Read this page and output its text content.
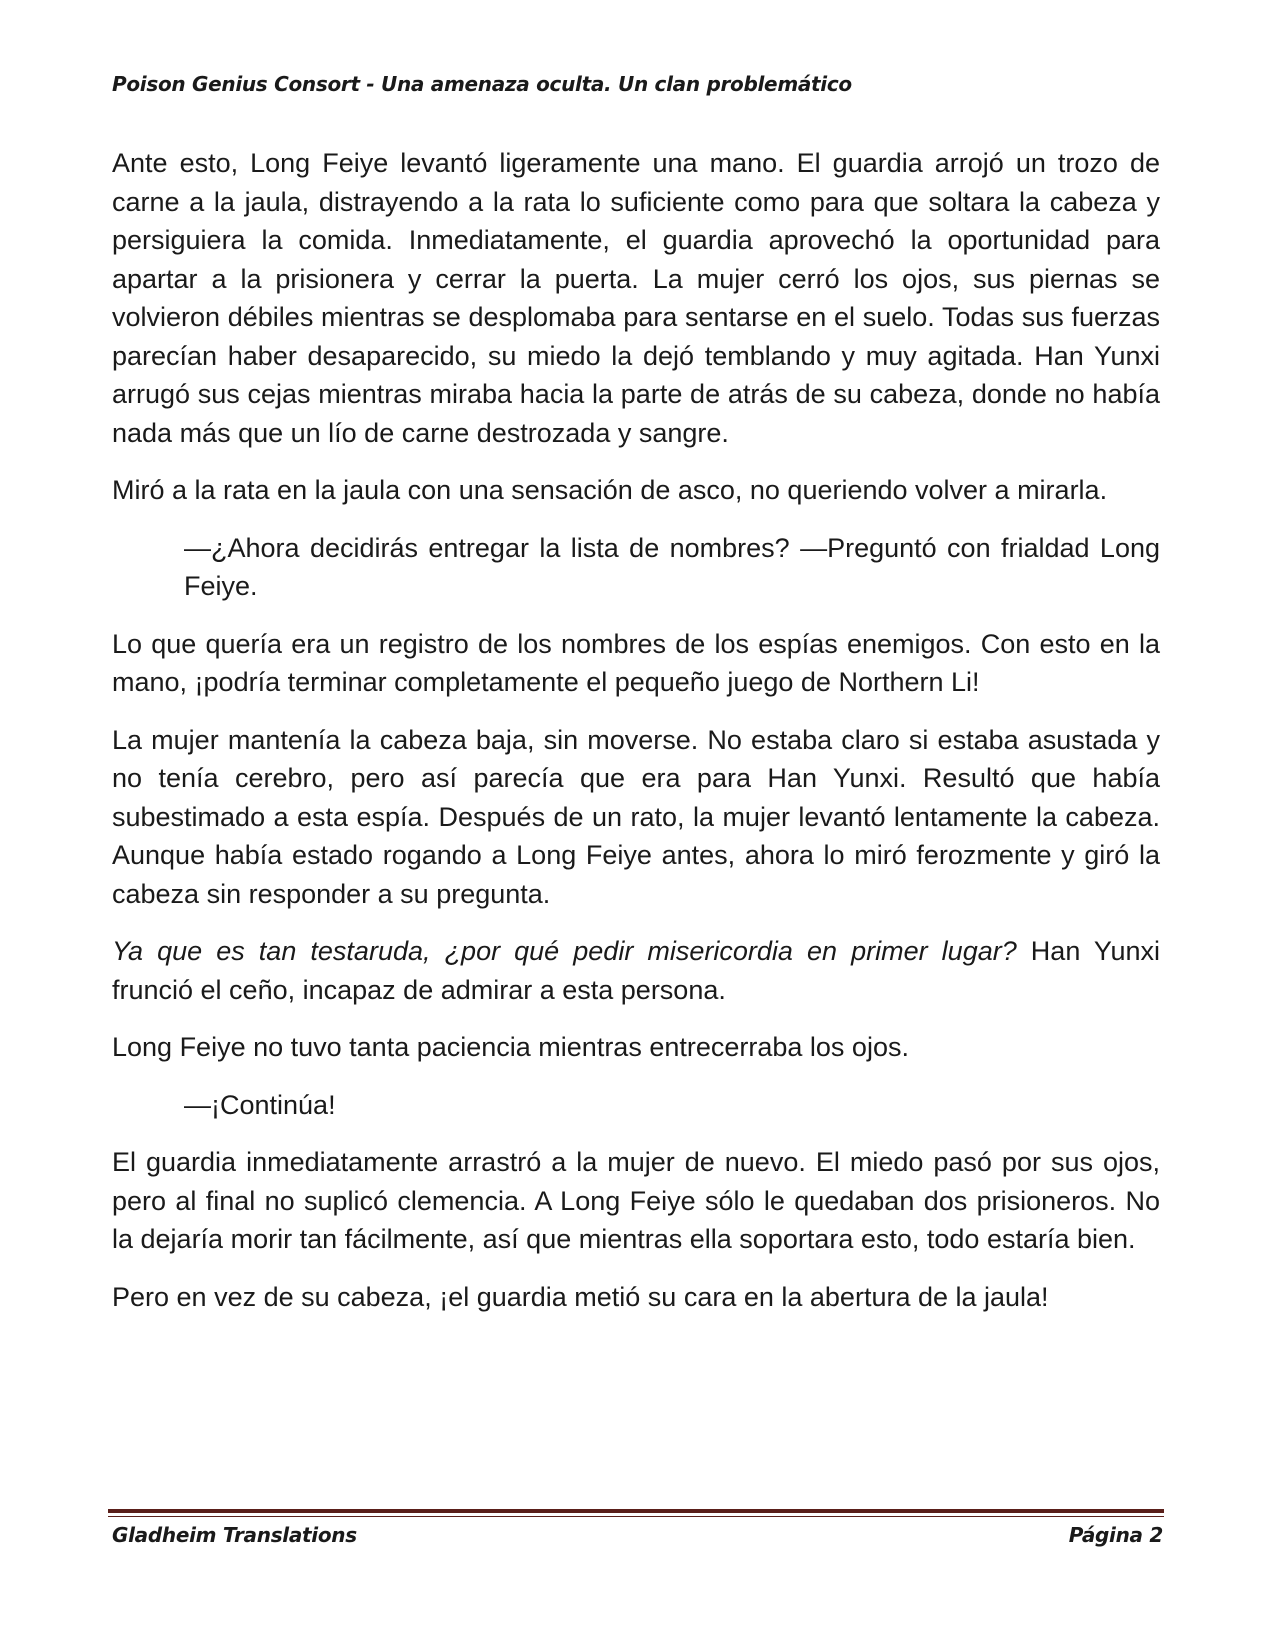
Poison Genius Consort - Una amenaza oculta. Un clan problemático

Ante esto, Long Feiye levantó ligeramente una mano. El guardia arrojó un trozo de carne a la jaula, distrayendo a la rata lo suficiente como para que soltara la cabeza y persiguiera la comida. Inmediatamente, el guardia aprovechó la oportunidad para apartar a la prisionera y cerrar la puerta. La mujer cerró los ojos, sus piernas se volvieron débiles mientras se desplomaba para sentarse en el suelo. Todas sus fuerzas parecían haber desaparecido, su miedo la dejó temblando y muy agitada. Han Yunxi arrugó sus cejas mientras miraba hacia la parte de atrás de su cabeza, donde no había nada más que un lío de carne destrozada y sangre.

Miró a la rata en la jaula con una sensación de asco, no queriendo volver a mirarla.

—¿Ahora decidirás entregar la lista de nombres? —Preguntó con frialdad Long Feiye.

Lo que quería era un registro de los nombres de los espías enemigos. Con esto en la mano, ¡podría terminar completamente el pequeño juego de Northern Li!

La mujer mantenía la cabeza baja, sin moverse. No estaba claro si estaba asustada y no tenía cerebro, pero así parecía que era para Han Yunxi. Resultó que había subestimado a esta espía. Después de un rato, la mujer levantó lentamente la cabeza. Aunque había estado rogando a Long Feiye antes, ahora lo miró ferozmente y giró la cabeza sin responder a su pregunta.

Ya que es tan testaruda, ¿por qué pedir misericordia en primer lugar? Han Yunxi frunció el ceño, incapaz de admirar a esta persona.

Long Feiye no tuvo tanta paciencia mientras entrecerraba los ojos.

—¡Continúa!

El guardia inmediatamente arrastró a la mujer de nuevo. El miedo pasó por sus ojos, pero al final no suplicó clemencia. A Long Feiye sólo le quedaban dos prisioneros. No la dejaría morir tan fácilmente, así que mientras ella soportara esto, todo estaría bien.

Pero en vez de su cabeza, ¡el guardia metió su cara en la abertura de la jaula!

Gladheim Translations	Página 2
